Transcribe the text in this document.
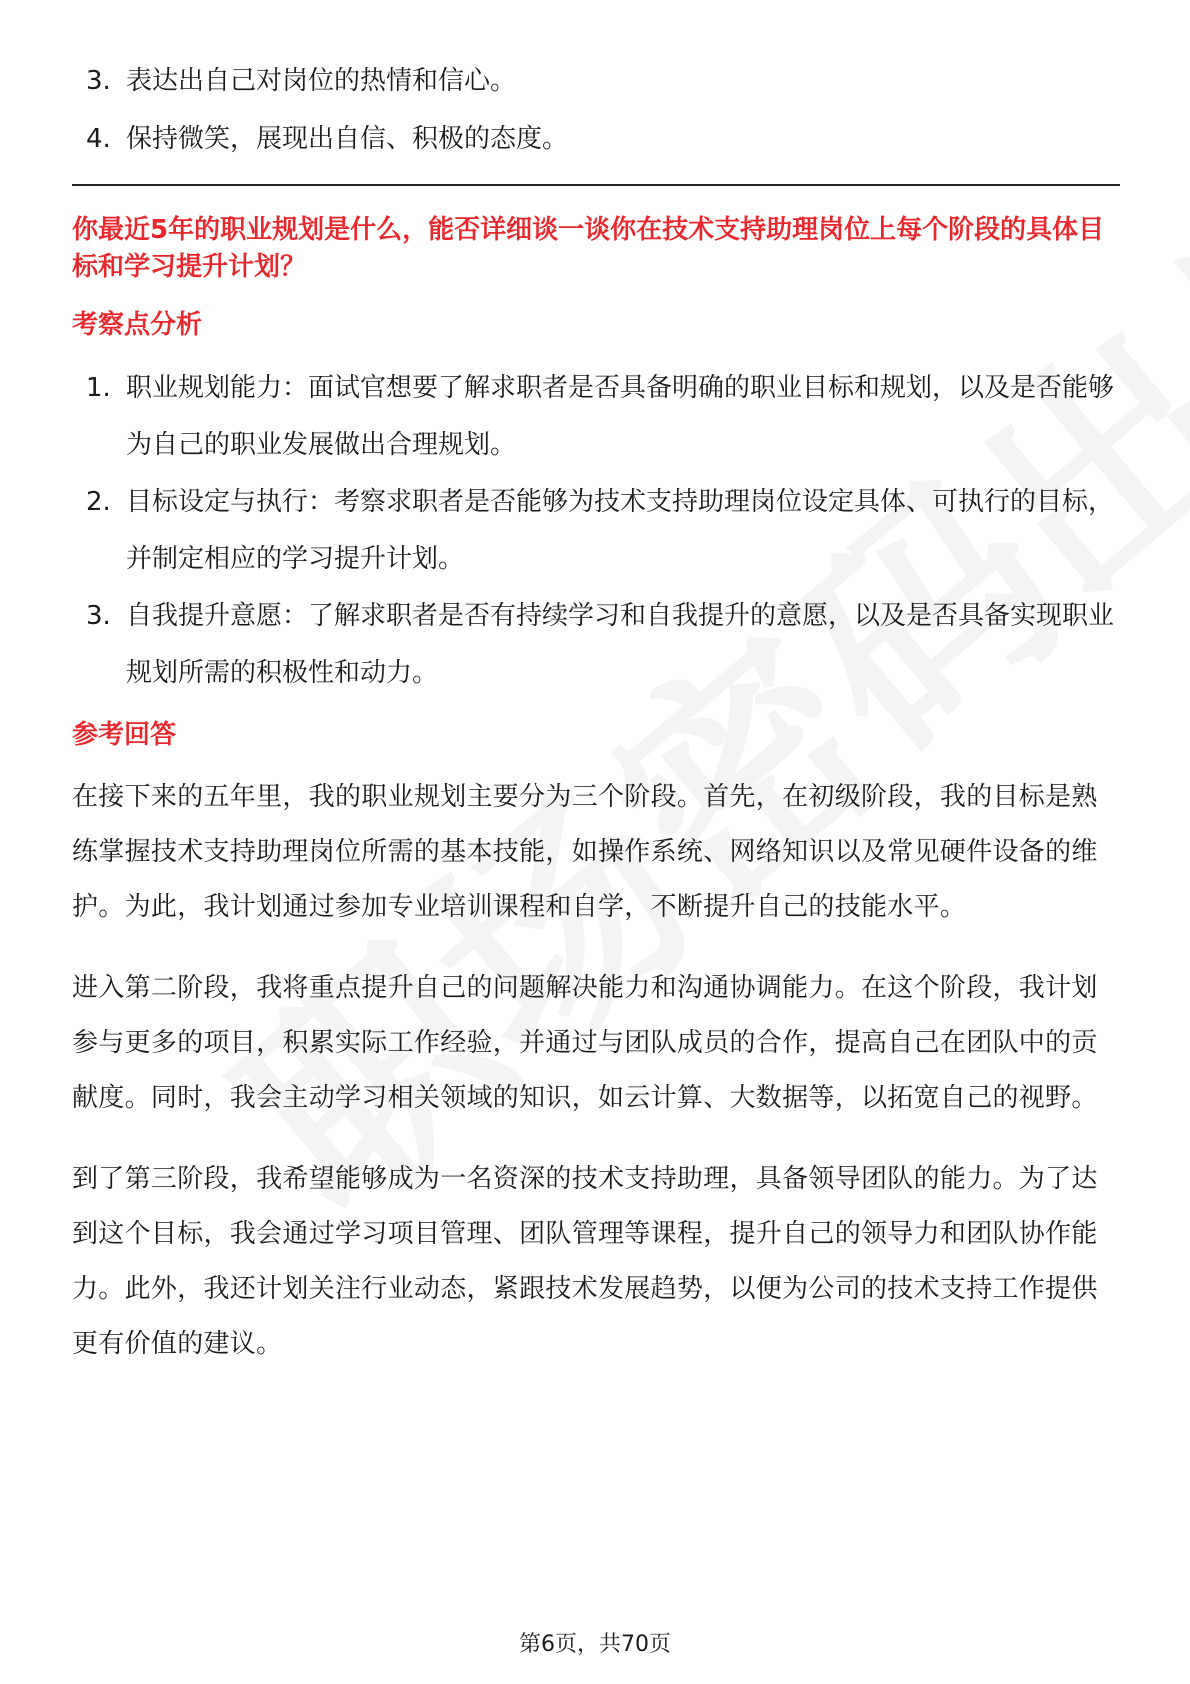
3. 表达出自己对岗位的热情和信心。
4. 保持微笑，展现出自信、积极的态度。

你最近5年的职业规划是什么，能否详细谈一谈你在技术支持助理岗位上每个阶段的具体目标和学习提升计划？

考察点分析
1. 职业规划能力：面试官想要了解求职者是否具备明确的职业目标和规划，以及是否能够为自己的职业发展做出合理规划。
2. 目标设定与执行：考察求职者是否能够为技术支持助理岗位设定具体、可执行的目标，并制定相应的学习提升计划。
3. 自我提升意愿：了解求职者是否有持续学习和自我提升的意愿，以及是否具备实现职业规划所需的积极性和动力。
参考回答

在接下来的五年里，我的职业规划主要分为三个阶段。首先，在初级阶段，我的目标是熟练掌握技术支持助理岗位所需的基本技能，如操作系统、网络知识以及常见硬件设备的维护。为此，我计划通过参加专业培训课程和自学，不断提升自己的技能水平。

进入第二阶段，我将重点提升自己的问题解决能力和沟通协调能力。在这个阶段，我计划参与更多的项目，积累实际工作经验，并通过与团队成员的合作，提高自己在团队中的贡献度。同时，我会主动学习相关领域的知识，如云计算、大数据等，以拓宽自己的视野。

到了第三阶段，我希望能够成为一名资深的技术支持助理，具备领导团队的能力。为了达到这个目标，我会通过学习项目管理、团队管理等课程，提升自己的领导力和团队协作能力。此外，我还计划关注行业动态，紧跟技术发展趋势，以便为公司的技术支持工作提供更有价值的建议。

第6页，共70页
